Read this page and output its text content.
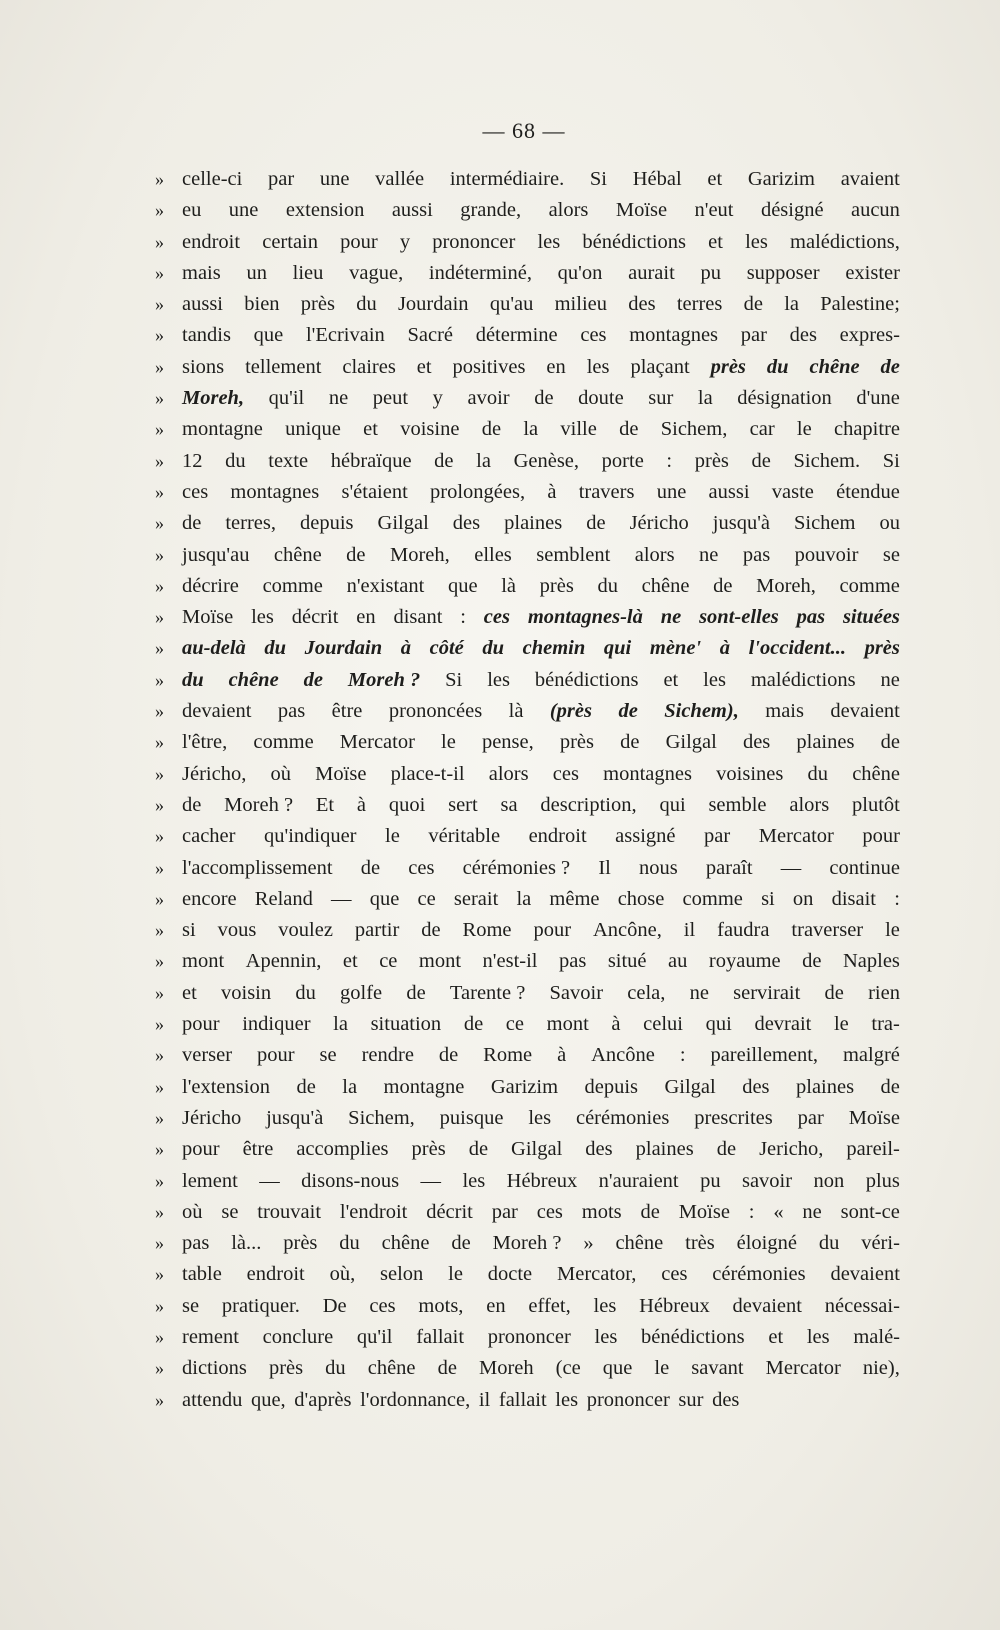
— 68 —
» celle-ci par une vallée intermédiaire. Si Hébal et Garizim avaient
» eu une extension aussi grande, alors Moïse n'eut désigné aucun
» endroit certain pour y prononcer les bénédictions et les malédictions,
» mais un lieu vague, indéterminé, qu'on aurait pu supposer exister
» aussi bien près du Jourdain qu'au milieu des terres de la Palestine;
» tandis que l'Ecrivain Sacré détermine ces montagnes par des expres-
» sions tellement claires et positives en les plaçant près du chêne de
» Moreh, qu'il ne peut y avoir de doute sur la désignation d'une
» montagne unique et voisine de la ville de Sichem, car le chapitre
» 12 du texte hébraïque de la Genèse, porte : près de Sichem. Si
» ces montagnes s'étaient prolongées, à travers une aussi vaste étendue
» de terres, depuis Gilgal des plaines de Jéricho jusqu'à Sichem ou
» jusqu'au chêne de Moreh, elles semblent alors ne pas pouvoir se
» décrire comme n'existant que là près du chêne de Moreh, comme
» Moïse les décrit en disant : ces montagnes-là ne sont-elles pas situées
» au-delà du Jourdain à côté du chemin qui mène' à l'occident... près
» du chêne de Moreh ? Si les bénédictions et les malédictions ne
» devaient pas être prononcées là (près de Sichem), mais devaient
» l'être, comme Mercator le pense, près de Gilgal des plaines de
» Jéricho, où Moïse place-t-il alors ces montagnes voisines du chêne
» de Moreh ? Et à quoi sert sa description, qui semble alors plutôt
» cacher qu'indiquer le véritable endroit assigné par Mercator pour
» l'accomplissement de ces cérémonies ? Il nous paraît — continue
» encore Reland — que ce serait la même chose comme si on disait :
» si vous voulez partir de Rome pour Ancône, il faudra traverser le
» mont Apennin, et ce mont n'est-il pas situé au royaume de Naples
» et voisin du golfe de Tarente ? Savoir cela, ne servirait de rien
» pour indiquer la situation de ce mont à celui qui devrait le tra-
» verser pour se rendre de Rome à Ancône : pareillement, malgré
» l'extension de la montagne Garizim depuis Gilgal des plaines de
» Jéricho jusqu'à Sichem, puisque les cérémonies prescrites par Moïse
» pour être accomplies près de Gilgal des plaines de Jericho, pareil-
» lement — disons-nous — les Hébreux n'auraient pu savoir non plus
» où se trouvait l'endroit décrit par ces mots de Moïse : « ne sont-ce
» pas là... près du chêne de Moreh ? » chêne très éloigné du véri-
» table endroit où, selon le docte Mercator, ces cérémonies devaient
» se pratiquer. De ces mots, en effet, les Hébreux devaient nécessai-
» rement conclure qu'il fallait prononcer les bénédictions et les malé-
» dictions près du chêne de Moreh (ce que le savant Mercator nie),
» attendu que, d'après l'ordonnance, il fallait les prononcer sur des
